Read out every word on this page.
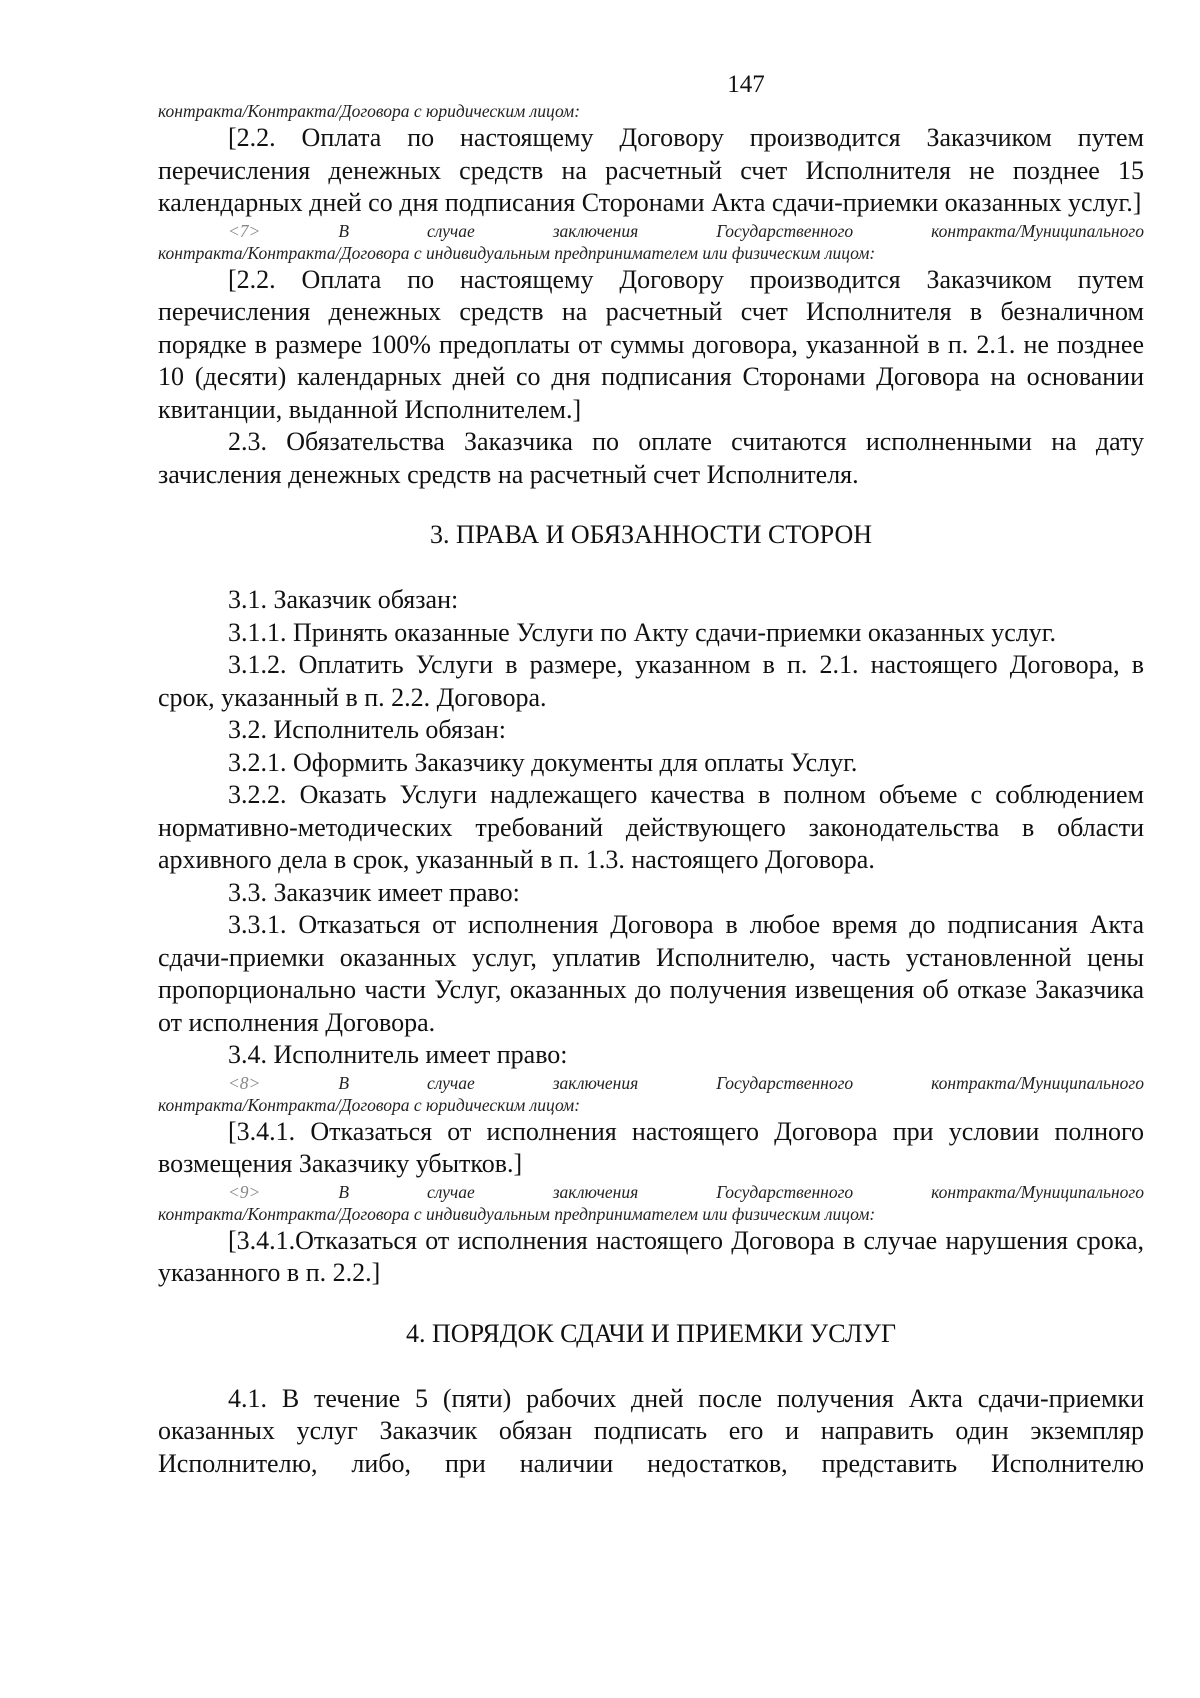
147
контракта/Контракта/Договора с юридическим лицом:

[2.2. Оплата по настоящему Договору производится Заказчиком путем перечисления денежных средств на расчетный счет Исполнителя не позднее 15 календарных дней со дня подписания Сторонами Акта сдачи-приемки оказанных услуг.]

<7>	В случае заключения Государственного контракта/Муниципального
контракта/Контракта/Договора с индивидуальным предпринимателем или физическим лицом:

[2.2. Оплата по настоящему Договору производится Заказчиком путем перечисления денежных средств на расчетный счет Исполнителя в безналичном порядке в размере 100% предоплаты от суммы договора, указанной в п. 2.1. не позднее 10 (десяти) календарных дней со дня подписания Сторонами Договора на основании квитанции, выданной Исполнителем.]

2.3. Обязательства Заказчика по оплате считаются исполненными на дату зачисления денежных средств на расчетный счет Исполнителя.

3. ПРАВА И ОБЯЗАННОСТИ СТОРОН

3.1. Заказчик обязан:

3.1.1. Принять оказанные Услуги по Акту сдачи-приемки оказанных услуг.

3.1.2. Оплатить Услуги в размере, указанном в п. 2.1. настоящего Договора, в срок, указанный в п. 2.2. Договора.

3.2. Исполнитель обязан:

3.2.1. Оформить Заказчику документы для оплаты Услуг.

3.2.2. Оказать Услуги надлежащего качества в полном объеме с соблюдением нормативно-методических требований действующего законодательства в области архивного дела в срок, указанный в п. 1.3. настоящего Договора.

3.3. Заказчик имеет право:

3.3.1. Отказаться от исполнения Договора в любое время до подписания Акта сдачи-приемки оказанных услуг, уплатив Исполнителю, часть установленной цены пропорционально части Услуг, оказанных до получения извещения об отказе Заказчика от исполнения Договора.

3.4. Исполнитель имеет право:

<8>	В случае заключения Государственного контракта/Муниципального
контракта/Контракта/Договора с юридическим лицом:

[3.4.1. Отказаться от исполнения настоящего Договора при условии полного возмещения Заказчику убытков.]

<9>	В случае заключения Государственного контракта/Муниципального
контракта/Контракта/Договора с индивидуальным предпринимателем или физическим лицом:

[3.4.1.Отказаться от исполнения настоящего Договора в случае нарушения срока, указанного в п. 2.2.]

4. ПОРЯДОК СДАЧИ И ПРИЕМКИ УСЛУГ

4.1. В течение 5 (пяти) рабочих дней после получения Акта сдачи-приемки оказанных услуг Заказчик обязан подписать его и направить один экземпляр Исполнителю, либо, при наличии недостатков, представить Исполнителю
